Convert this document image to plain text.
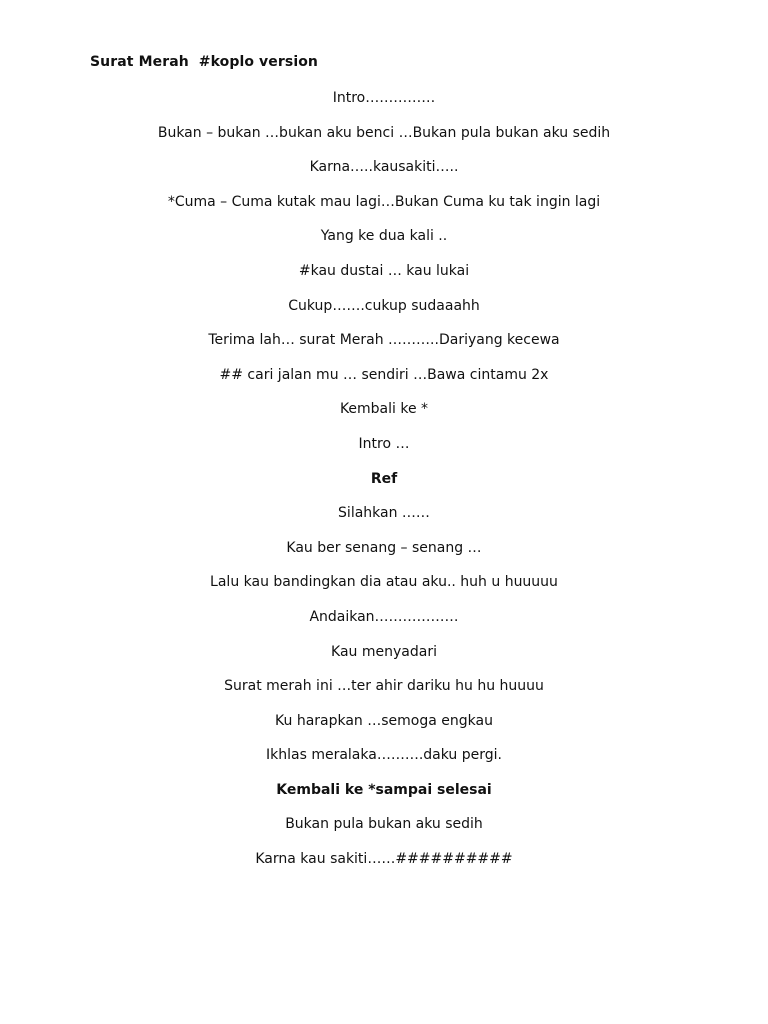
Surat Merah  #koplo version
Intro……………
Bukan – bukan …bukan aku benci …Bukan pula bukan aku sedih
Karna…..kausakiti…..
*Cuma – Cuma kutak mau lagi…Bukan Cuma ku tak ingin lagi
Yang ke dua kali ..
#kau dustai … kau lukai
Cukup…….cukup sudaaahh
Terima lah… surat Merah ………..Dariyang kecewa
## cari jalan mu … sendiri …Bawa cintamu 2x
Kembali ke *
Intro …
Ref
Silahkan ……
Kau ber senang – senang …
Lalu kau bandingkan dia atau aku.. huh u huuuuu
Andaikan………………
Kau menyadari
Surat merah ini …ter ahir dariku hu hu huuuu
Ku harapkan …semoga engkau
Ikhlas meralaka……….daku pergi.
Kembali ke *sampai selesai
Bukan pula bukan aku sedih
Karna kau sakiti……##########
